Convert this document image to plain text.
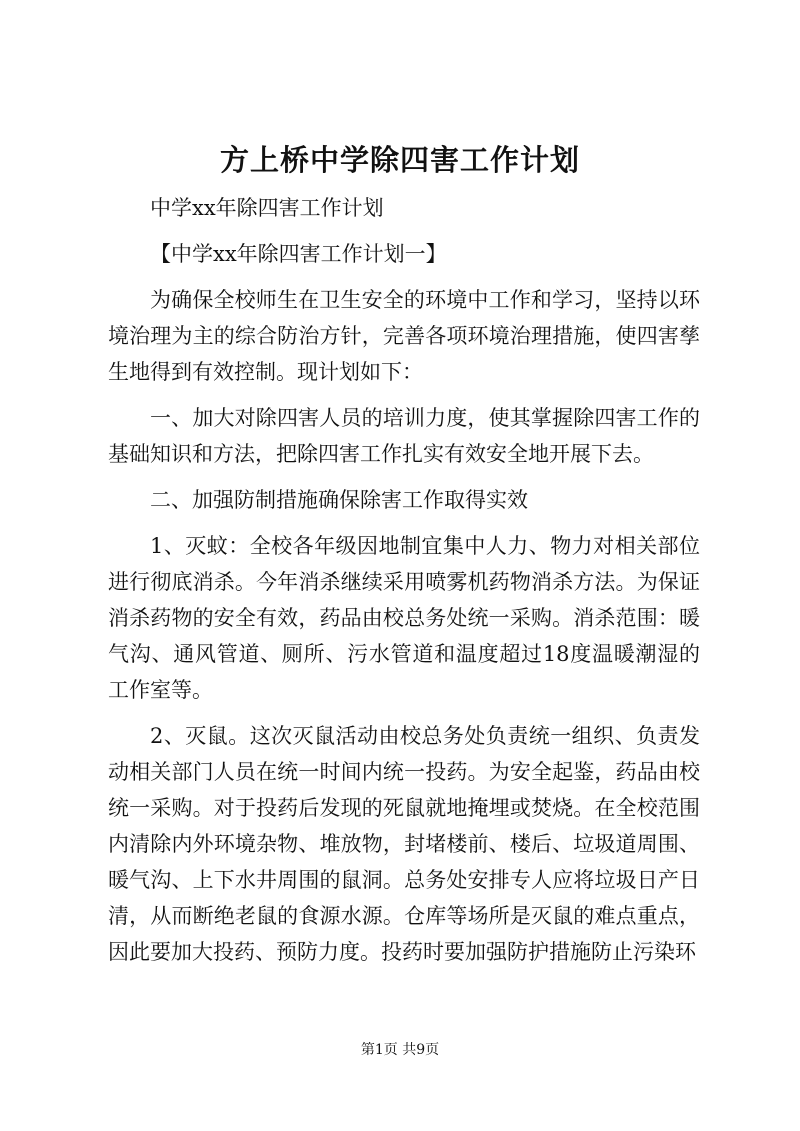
方上桥中学除四害工作计划

中学xx年除四害工作计划

【中学xx年除四害工作计划一】

为确保全校师生在卫生安全的环境中工作和学习，坚持以环境治理为主的综合防治方针，完善各项环境治理措施，使四害孳生地得到有效控制。现计划如下：

一、加大对除四害人员的培训力度，使其掌握除四害工作的基础知识和方法，把除四害工作扎实有效安全地开展下去。

二、加强防制措施确保除害工作取得实效

1、灭蚊：全校各年级因地制宜集中人力、物力对相关部位进行彻底消杀。今年消杀继续采用喷雾机药物消杀方法。为保证消杀药物的安全有效，药品由校总务处统一采购。消杀范围：暖气沟、通风管道、厕所、污水管道和温度超过18度温暖潮湿的工作室等。

2、灭鼠。这次灭鼠活动由校总务处负责统一组织、负责发动相关部门人员在统一时间内统一投药。为安全起鉴，药品由校统一采购。对于投药后发现的死鼠就地掩埋或焚烧。在全校范围内清除内外环境杂物、堆放物，封堵楼前、楼后、垃圾道周围、暖气沟、上下水井周围的鼠洞。总务处安排专人应将垃圾日产日清，从而断绝老鼠的食源水源。仓库等场所是灭鼠的难点重点，因此要加大投药、预防力度。投药时要加强防护措施防止污染环

第1页 共9页
